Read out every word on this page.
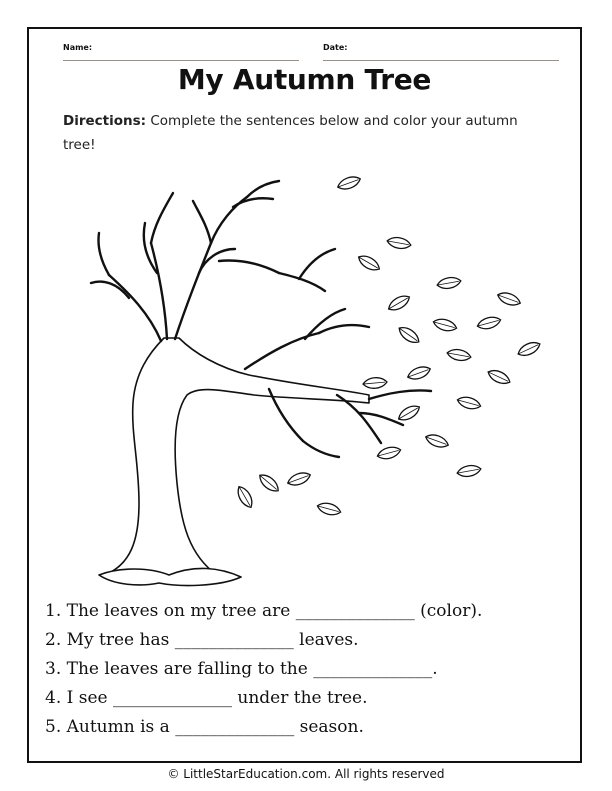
Name:	Date:
My Autumn Tree
Directions: Complete the sentences below and color your autumn tree!
1. The leaves on my tree are ______________ (color).
2. My tree has ______________ leaves.
3. The leaves are falling to the ______________.
4. I see ______________ under the tree.
5. Autumn is a ______________ season.
© LittleStarEducation.com. All rights reserved
